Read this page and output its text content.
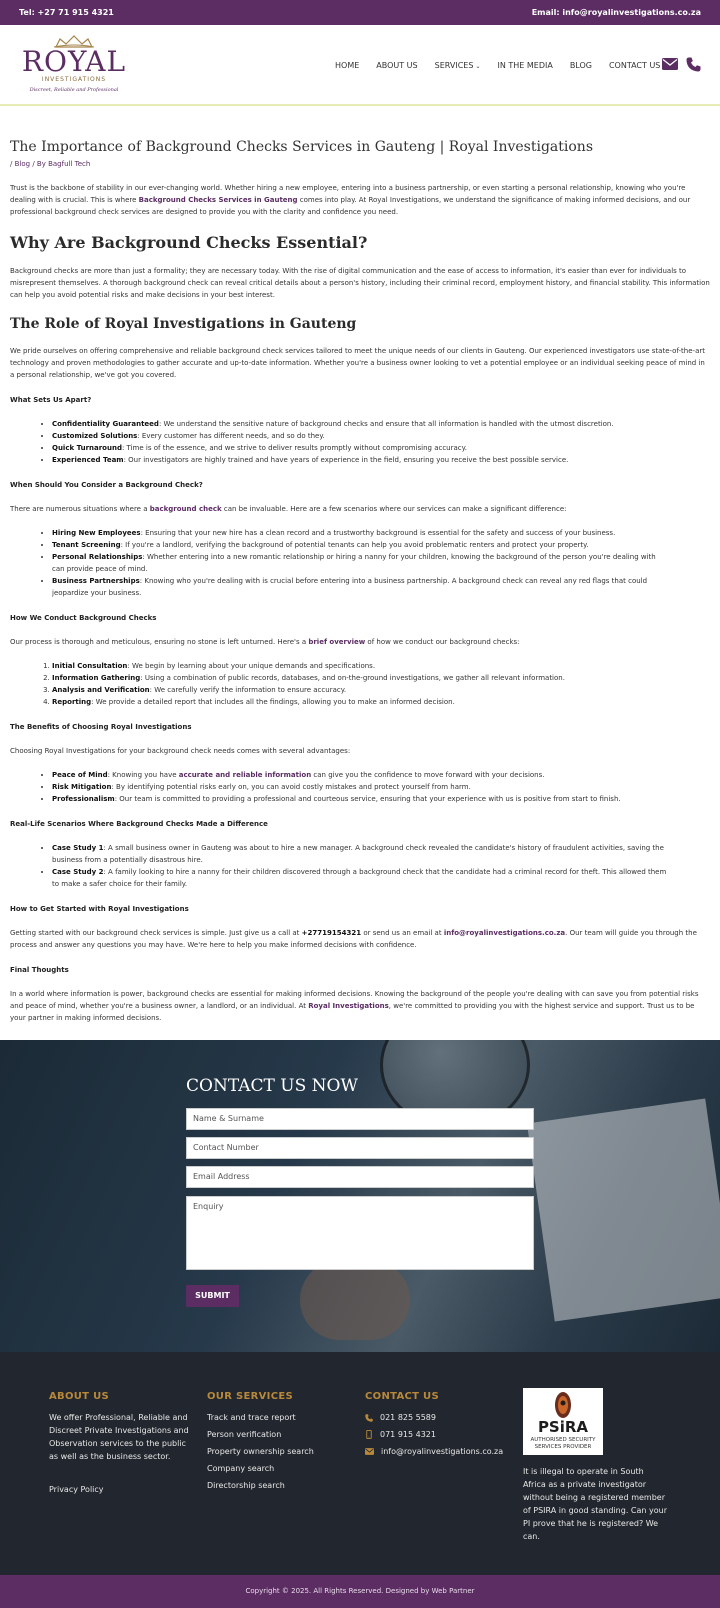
Tel: +27 71 915 4321	Email: info@royalinvestigations.co.za
ROYAL
INVESTIGATIONS
Discreet, Reliable and Professional
HOME ABOUT US SERVICES ⌄ IN THE MEDIA BLOG CONTACT US
The Importance of Background Checks Services in Gauteng | Royal Investigations
/ Blog / By Bagfull Tech

Trust is the backbone of stability in our ever-changing world. Whether hiring a new employee, entering into a business partnership, or even starting a personal relationship, knowing who you're dealing with is crucial. This is where Background Checks Services in Gauteng comes into play. At Royal Investigations, we understand the significance of making informed decisions, and our professional background check services are designed to provide you with the clarity and confidence you need.

Why Are Background Checks Essential?

Background checks are more than just a formality; they are necessary today. With the rise of digital communication and the ease of access to information, it's easier than ever for individuals to misrepresent themselves. A thorough background check can reveal critical details about a person's history, including their criminal record, employment history, and financial stability. This information can help you avoid potential risks and make decisions in your best interest.

The Role of Royal Investigations in Gauteng

We pride ourselves on offering comprehensive and reliable background check services tailored to meet the unique needs of our clients in Gauteng. Our experienced investigators use state-of-the-art technology and proven methodologies to gather accurate and up-to-date information. Whether you're a business owner looking to vet a potential employee or an individual seeking peace of mind in a personal relationship, we've got you covered.

What Sets Us Apart?
• Confidentiality Guaranteed: We understand the sensitive nature of background checks and ensure that all information is handled with the utmost discretion.
• Customized Solutions: Every customer has different needs, and so do they.
• Quick Turnaround: Time is of the essence, and we strive to deliver results promptly without compromising accuracy.
• Experienced Team: Our investigators are highly trained and have years of experience in the field, ensuring you receive the best possible service.
When Should You Consider a Background Check?

There are numerous situations where a background check can be invaluable. Here are a few scenarios where our services can make a significant difference:

• Hiring New Employees: Ensuring that your new hire has a clean record and a trustworthy background is essential for the safety and success of your business.
• Tenant Screening: If you're a landlord, verifying the background of potential tenants can help you avoid problematic renters and protect your property.
• Personal Relationships: Whether entering into a new romantic relationship or hiring a nanny for your children, knowing the background of the person you're dealing with can provide peace of mind.
• Business Partnerships: Knowing who you're dealing with is crucial before entering into a business partnership. A background check can reveal any red flags that could jeopardize your business.
How We Conduct Background Checks

Our process is thorough and meticulous, ensuring no stone is left unturned. Here's a brief overview of how we conduct our background checks:

1. Initial Consultation: We begin by learning about your unique demands and specifications.
2. Information Gathering: Using a combination of public records, databases, and on-the-ground investigations, we gather all relevant information.
3. Analysis and Verification: We carefully verify the information to ensure accuracy.
4. Reporting: We provide a detailed report that includes all the findings, allowing you to make an informed decision.
The Benefits of Choosing Royal Investigations

Choosing Royal Investigations for your background check needs comes with several advantages:

• Peace of Mind: Knowing you have accurate and reliable information can give you the confidence to move forward with your decisions.
• Risk Mitigation: By identifying potential risks early on, you can avoid costly mistakes and protect yourself from harm.
• Professionalism: Our team is committed to providing a professional and courteous service, ensuring that your experience with us is positive from start to finish.
Real-Life Scenarios Where Background Checks Made a Difference
• Case Study 1: A small business owner in Gauteng was about to hire a new manager. A background check revealed the candidate's history of fraudulent activities, saving the business from a potentially disastrous hire.
• Case Study 2: A family looking to hire a nanny for their children discovered through a background check that the candidate had a criminal record for theft. This allowed them to make a safer choice for their family.
How to Get Started with Royal Investigations

Getting started with our background check services is simple. Just give us a call at +27719154321 or send us an email at info@royalinvestigations.co.za. Our team will guide you through the process and answer any questions you may have. We're here to help you make informed decisions with confidence.

Final Thoughts

In a world where information is power, background checks are essential for making informed decisions. Knowing the background of the people you're dealing with can save you from potential risks and peace of mind, whether you're a business owner, a landlord, or an individual. At Royal Investigations, we're committed to providing you with the highest service and support. Trust us to be your partner in making informed decisions.

CONTACT US NOW
Name & Surname
Contact Number
Email Address
Enquiry
SUBMIT
ABOUT US
We offer Professional, Reliable and Discreet Private Investigations and Observation services to the public as well as the business sector.
Privacy Policy
OUR SERVICES
Track and trace report
Person verification
Property ownership search
Company search
Directorship search
CONTACT US
021 825 5589
071 915 4321
info@royalinvestigations.co.za
PSiRA
AUTHORISED SECURITY SERVICES PROVIDER
It is illegal to operate in South Africa as a private investigator without being a registered member of PSIRA in good standing. Can your PI prove that he is registered? We can.
Copyright © 2025. All Rights Reserved. Designed by Web Partner
